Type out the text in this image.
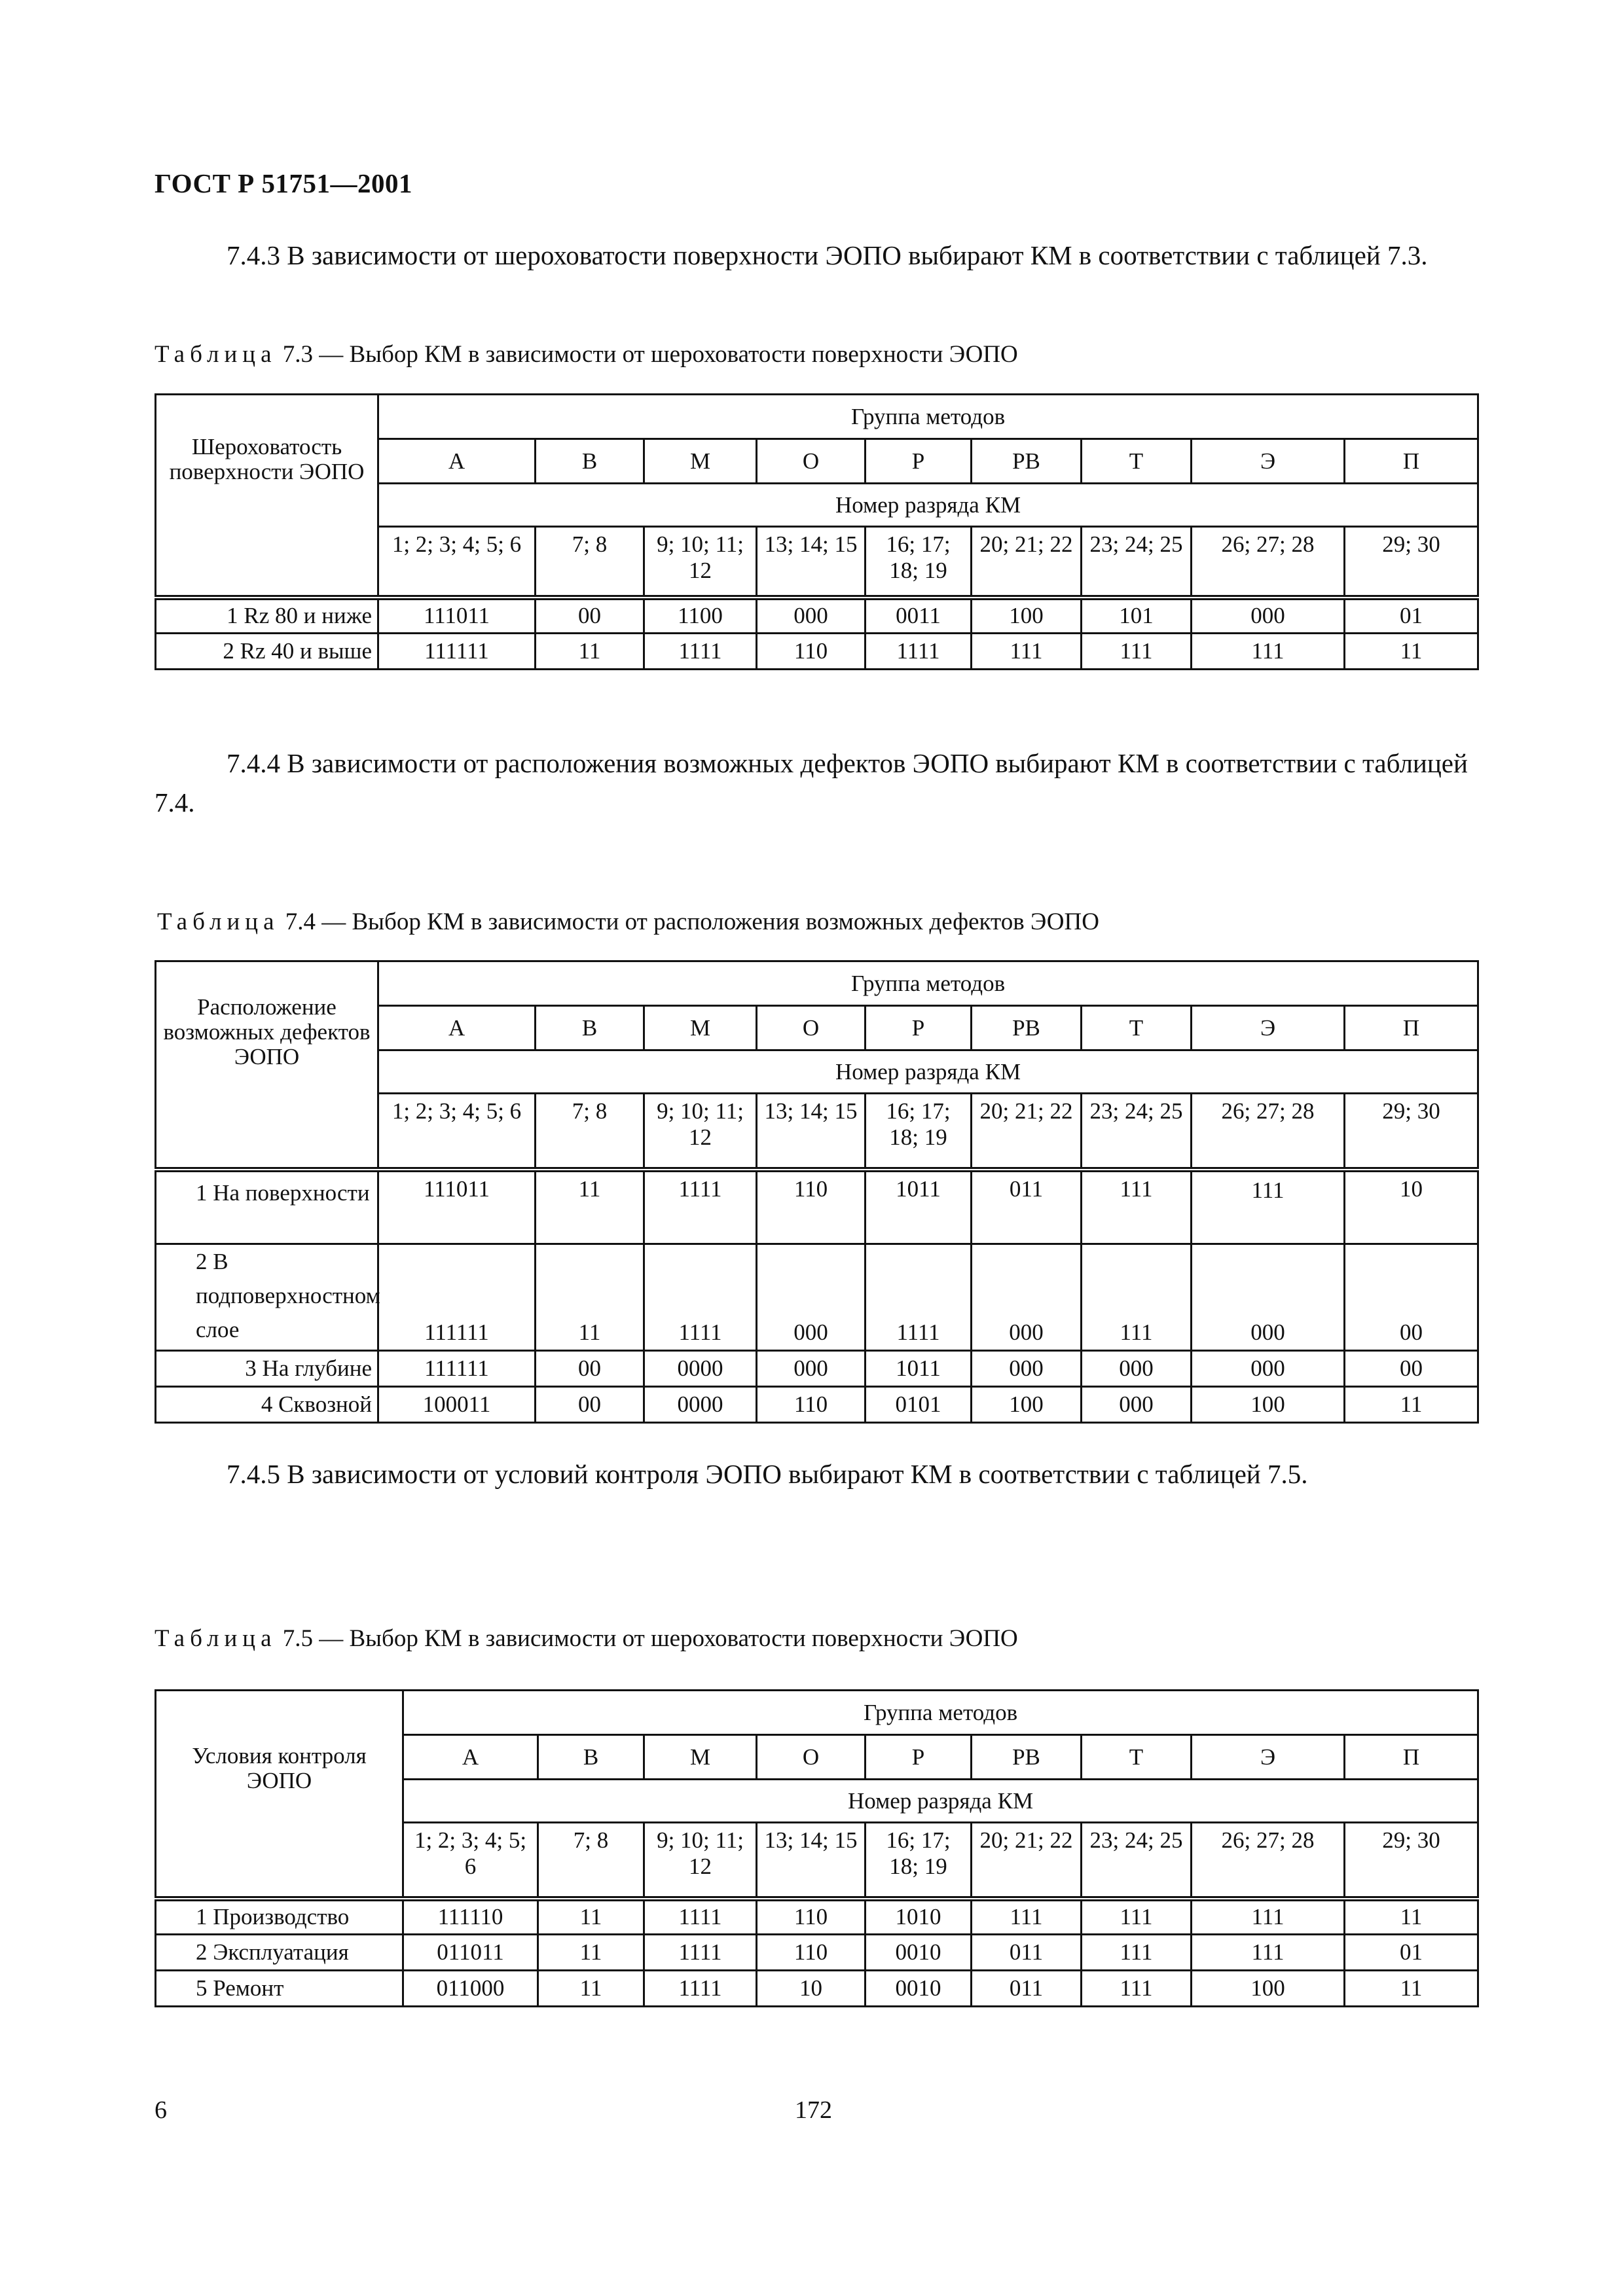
ГОСТ Р 51751—2001
7.4.3 В зависимости от шероховатости поверхности ЭОПО выбирают КМ в соответствии с таблицей 7.3.
Таблица 7.3 — Выбор КМ в зависимости от шероховатости поверхности ЭОПО
Шероховатость поверхности ЭОПО	Группа методов								
	А	В	М	О	Р	РВ	Т	Э	П
	Номер разряда КМ								
	1; 2; 3; 4; 5; 6	7; 8	9; 10; 11; 12	13; 14; 15	16; 17; 18; 19	20; 21; 22	23; 24; 25	26; 27; 28	29; 30
1 Rz 80 и ниже	111011	00	1100	000	0011	100	101	000	01
2 Rz 40 и выше	111111	11	1111	110	1111	111	111	111	11
7.4.4 В зависимости от расположения возможных дефектов ЭОПО выбирают КМ в соответствии с таблицей 7.4.
Таблица 7.4 — Выбор КМ в зависимости от расположения возможных дефектов ЭОПО
Расположение возможных дефектов ЭОПО	Группа методов								
	А	В	М	О	Р	РВ	Т	Э	П
	Номер разряда КМ								
	1; 2; 3; 4; 5; 6	7; 8	9; 10; 11; 12	13; 14; 15	16; 17; 18; 19	20; 21; 22	23; 24; 25	26; 27; 28	29; 30
1 На поверхности	111011	11	1111	110	1011	011	111	111	10
2 В подповерхностном слое	111111	11	1111	000	1111	000	111	000	00
3 На глубине	111111	00	0000	000	1011	000	000	000	00
4 Сквозной	100011	00	0000	110	0101	100	000	100	11
7.4.5 В зависимости от условий контроля ЭОПО выбирают КМ в соответствии с таблицей 7.5.
Таблица 7.5 — Выбор КМ в зависимости от шероховатости поверхности ЭОПО
Условия контроля ЭОПО	Группа методов								
	А	В	М	О	Р	РВ	Т	Э	П
	Номер разряда КМ								
	1; 2; 3; 4; 5; 6	7; 8	9; 10; 11; 12	13; 14; 15	16; 17; 18; 19	20; 21; 22	23; 24; 25	26; 27; 28	29; 30
1 Производство	111110	11	1111	110	1010	111	111	111	11
2 Эксплуатация	011011	11	1111	110	0010	011	111	111	01
5 Ремонт	011000	11	1111	10	0010	011	111	100	11
6	172
